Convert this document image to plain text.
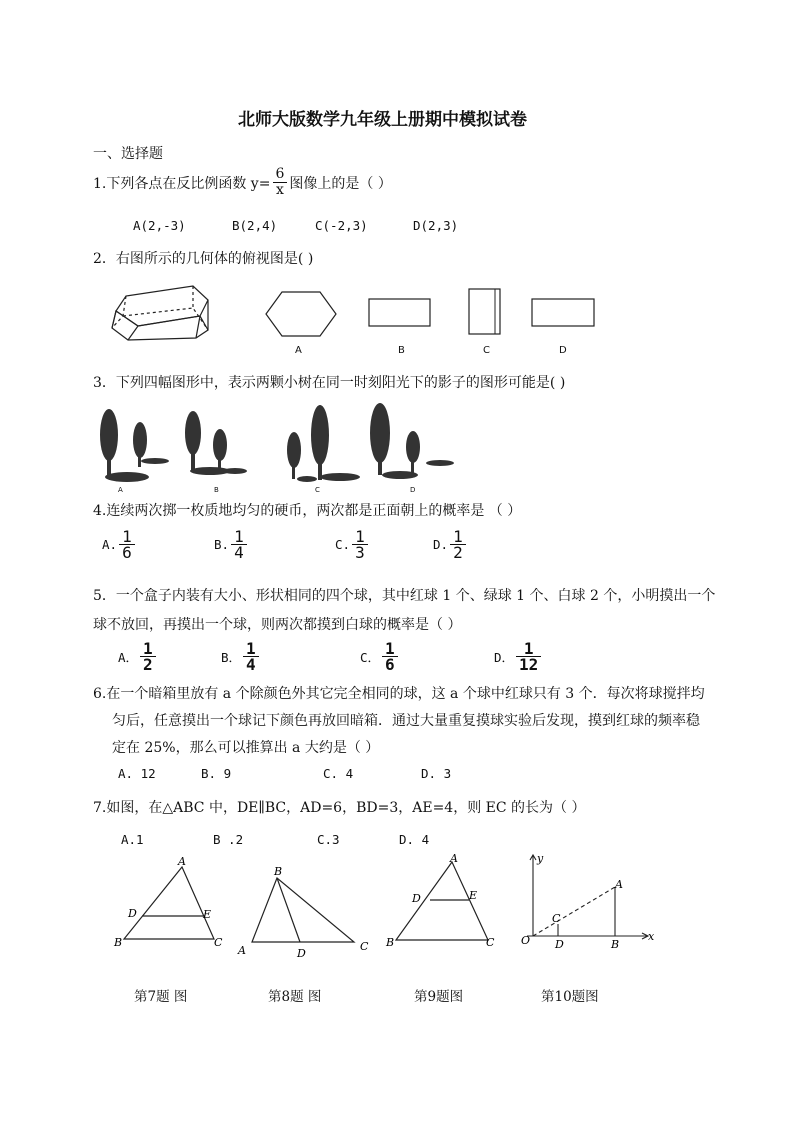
北师大版数学九年级上册期中模拟试卷
一、选择题
1.下列各点在反比例函数 $y= \frac{6}{x}$ 图像上的是（ ）
A(2,-3)	B(2,4)	C(-2,3)	D(2,3)
2．右图所示的几何体的俯视图是( )
A	B	C	D
3．下列四幅图形中，表示两颗小树在同一时刻阳光下的影子的图形可能是( )
A	B	C	D
4.连续两次掷一枚质地均匀的硬币，两次都是正面朝上的概率是 （ ）
A. $\frac{1}{6}$	B. $\frac{1}{4}$	C. $\frac{1}{3}$	D. $\frac{1}{2}$
5．一个盒子内装有大小、形状相同的四个球，其中红球 1 个、绿球 1 个、白球 2 个，小明摸出一个
球不放回，再摸出一个球，则两次都摸到白球的概率是（ ）
A． $\frac{1}{2}$	B． $\frac{1}{4}$	C． $\frac{1}{6}$	D． $\frac{1}{12}$
6.在一个暗箱里放有 a 个除颜色外其它完全相同的球，这 a 个球中红球只有 3 个．每次将球搅拌均
匀后，任意摸出一个球记下颜色再放回暗箱．通过大量重复摸球实验后发现，摸到红球的频率稳
定在 25%，那么可以推算出 a 大约是（ ）
A. 12	B. 9	C. 4	D. 3
7.如图，在△ABC 中，DE∥BC，AD=6，BD=3，AE=4，则 EC 的长为（ ）
A.1	B .2	C.3	D. 4
A
D	E
B	C
B
A	D
C
A
D	E
B	C
y
A
C
O D	B
x
第7题 图	第8题 图	第9题图	第10题图
